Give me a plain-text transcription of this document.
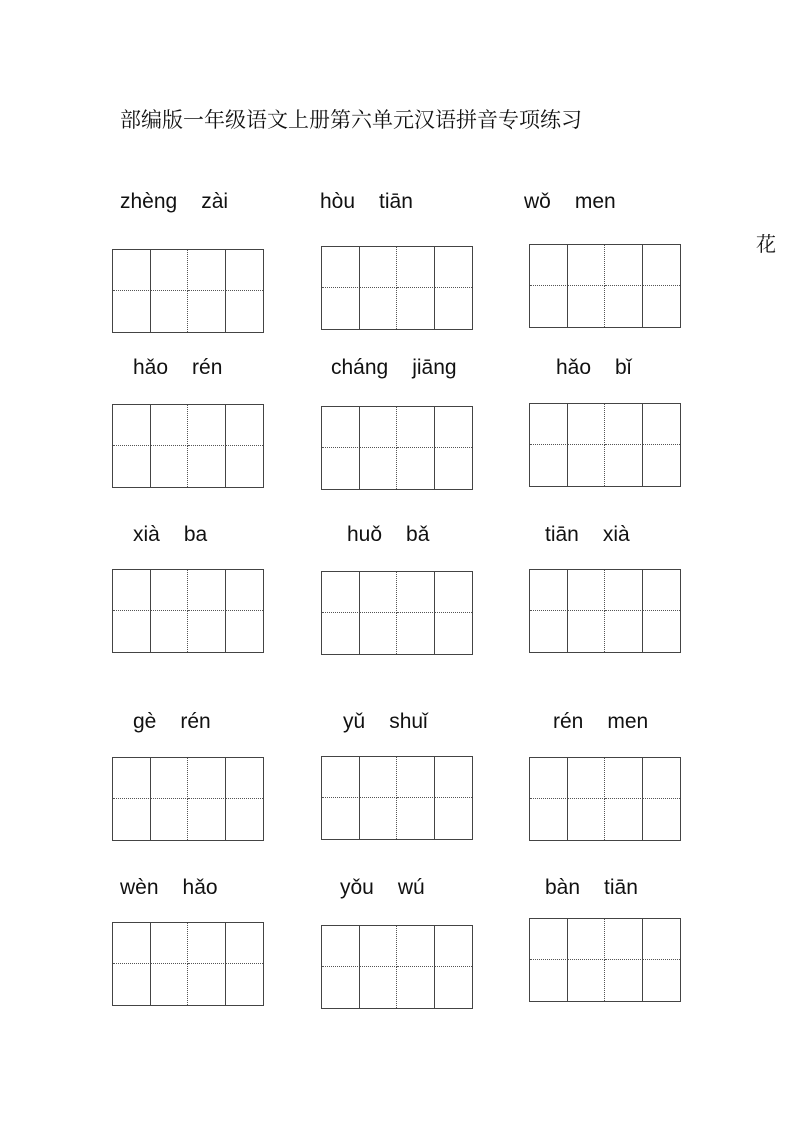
部编版一年级语文上册第六单元汉语拼音专项练习
花
zhèng zài	hòu tiān	wǒ men
hǎo rén	cháng jiāng	hǎo bǐ
xià ba	huǒ bǎ	tiān xià
gè rén	yǔ shuǐ	rén men
wèn hǎo	yǒu wú	bàn tiān
